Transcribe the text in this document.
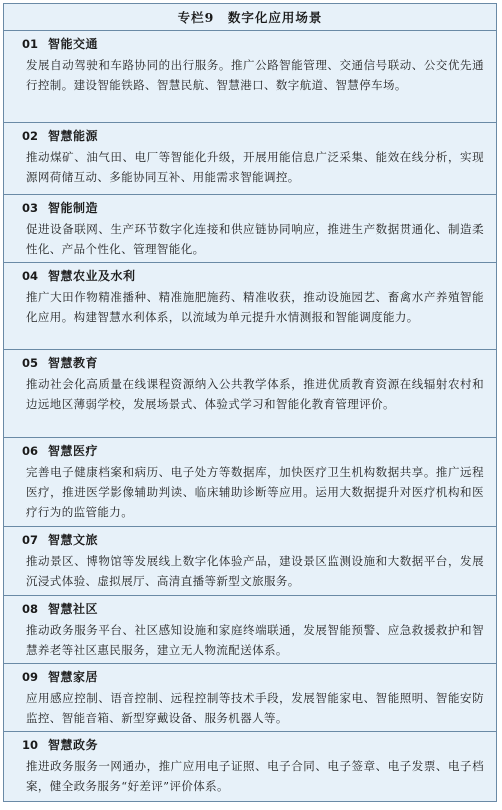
专栏9　数字化应用场景
01 智能交通
发展自动驾驶和车路协同的出行服务。推广公路智能管理、交通信号联动、公交优先通行控制。建设智能铁路、智慧民航、智慧港口、数字航道、智慧停车场。
02 智慧能源
推动煤矿、油气田、电厂等智能化升级，开展用能信息广泛采集、能效在线分析，实现源网荷储互动、多能协同互补、用能需求智能调控。
03 智能制造
促进设备联网、生产环节数字化连接和供应链协同响应，推进生产数据贯通化、制造柔性化、产品个性化、管理智能化。
04 智慧农业及水利
推广大田作物精准播种、精准施肥施药、精准收获，推动设施园艺、畜禽水产养殖智能化应用。构建智慧水利体系，以流域为单元提升水情测报和智能调度能力。
05 智慧教育
推动社会化高质量在线课程资源纳入公共教学体系，推进优质教育资源在线辐射农村和边远地区薄弱学校，发展场景式、体验式学习和智能化教育管理评价。
06 智慧医疗
完善电子健康档案和病历、电子处方等数据库，加快医疗卫生机构数据共享。推广远程医疗，推进医学影像辅助判读、临床辅助诊断等应用。运用大数据提升对医疗机构和医疗行为的监管能力。
07 智慧文旅
推动景区、博物馆等发展线上数字化体验产品，建设景区监测设施和大数据平台，发展沉浸式体验、虚拟展厅、高清直播等新型文旅服务。
08 智慧社区
推动政务服务平台、社区感知设施和家庭终端联通，发展智能预警、应急救援救护和智慧养老等社区惠民服务，建立无人物流配送体系。
09 智慧家居
应用感应控制、语音控制、远程控制等技术手段，发展智能家电、智能照明、智能安防监控、智能音箱、新型穿戴设备、服务机器人等。
10 智慧政务
推进政务服务一网通办，推广应用电子证照、电子合同、电子签章、电子发票、电子档案，健全政务服务“好差评”评价体系。
